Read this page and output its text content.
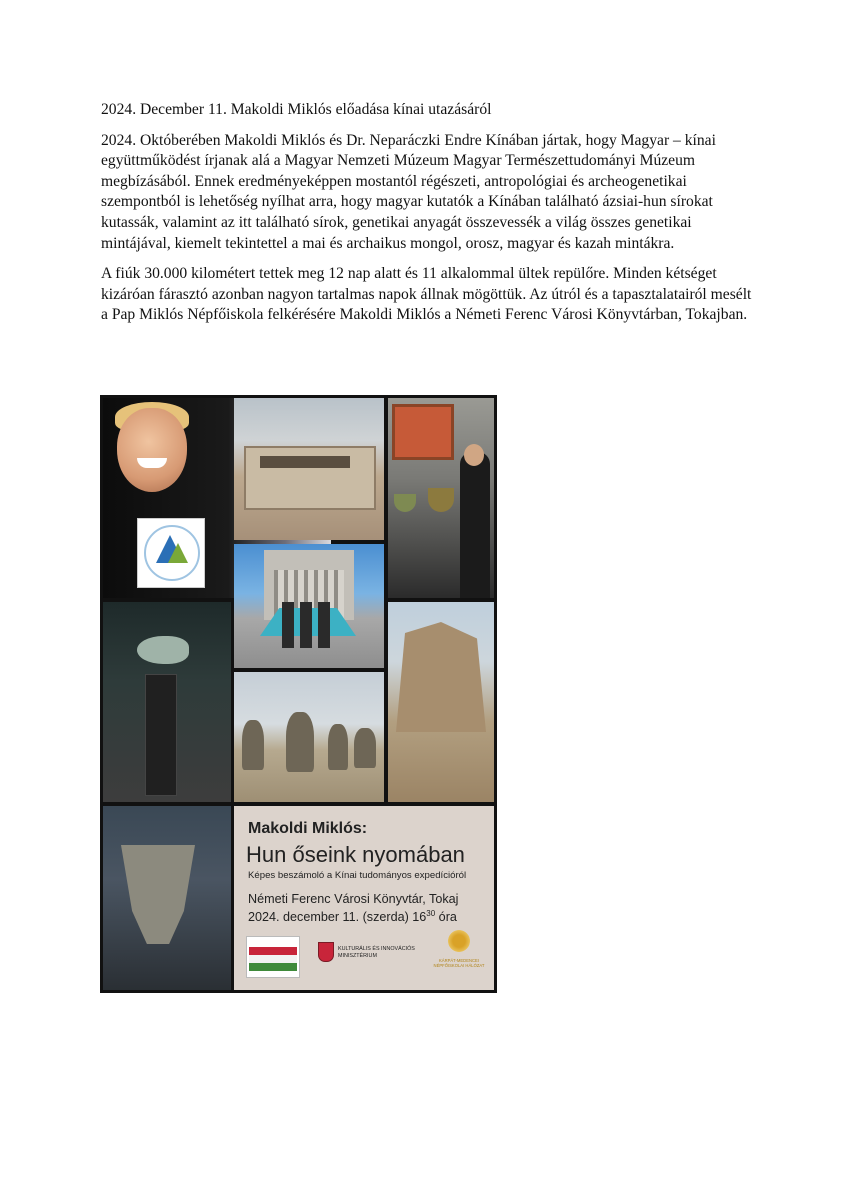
2024. December 11. Makoldi Miklós előadása kínai utazásáról

2024. Októberében Makoldi Miklós és Dr. Neparáczki Endre Kínában jártak, hogy Magyar – kínai együttműködést írjanak alá a Magyar Nemzeti Múzeum Magyar Természettudományi Múzeum megbízásából. Ennek eredményeképpen mostantól régészeti, antropológiai és archeogenetikai szempontból is lehetőség nyílhat arra, hogy magyar kutatók a Kínában található ázsiai-hun sírokat kutassák, valamint az itt található sírok, genetikai anyagát összevessék a világ összes genetikai mintájával, kiemelt tekintettel a mai és archaikus mongol, orosz, magyar és kazah mintákra.

A fiúk 30.000 kilométert tettek meg 12 nap alatt és 11 alkalommal ültek repülőre. Minden kétséget kizáróan fárasztó azonban nagyon tartalmas napok állnak mögöttük. Az útról és a tapasztalatairól mesélt a Pap Miklós Népfőiskola felkérésére Makoldi Miklós a Németi Ferenc Városi Könyvtárban, Tokajban.

Makoldi Miklós:
Hun őseink nyomában
Képes beszámoló a Kínai tudományos expedícióról
Németi Ferenc Városi Könyvtár, Tokaj
2024. december 11. (szerda) $16^{30}$ óra
KULTURÁLIS ÉS INNOVÁCIÓS MINISZTÉRIUM
KÁRPÁT-MEDENCEI NÉPFŐISKOLAI HÁLÓZAT
